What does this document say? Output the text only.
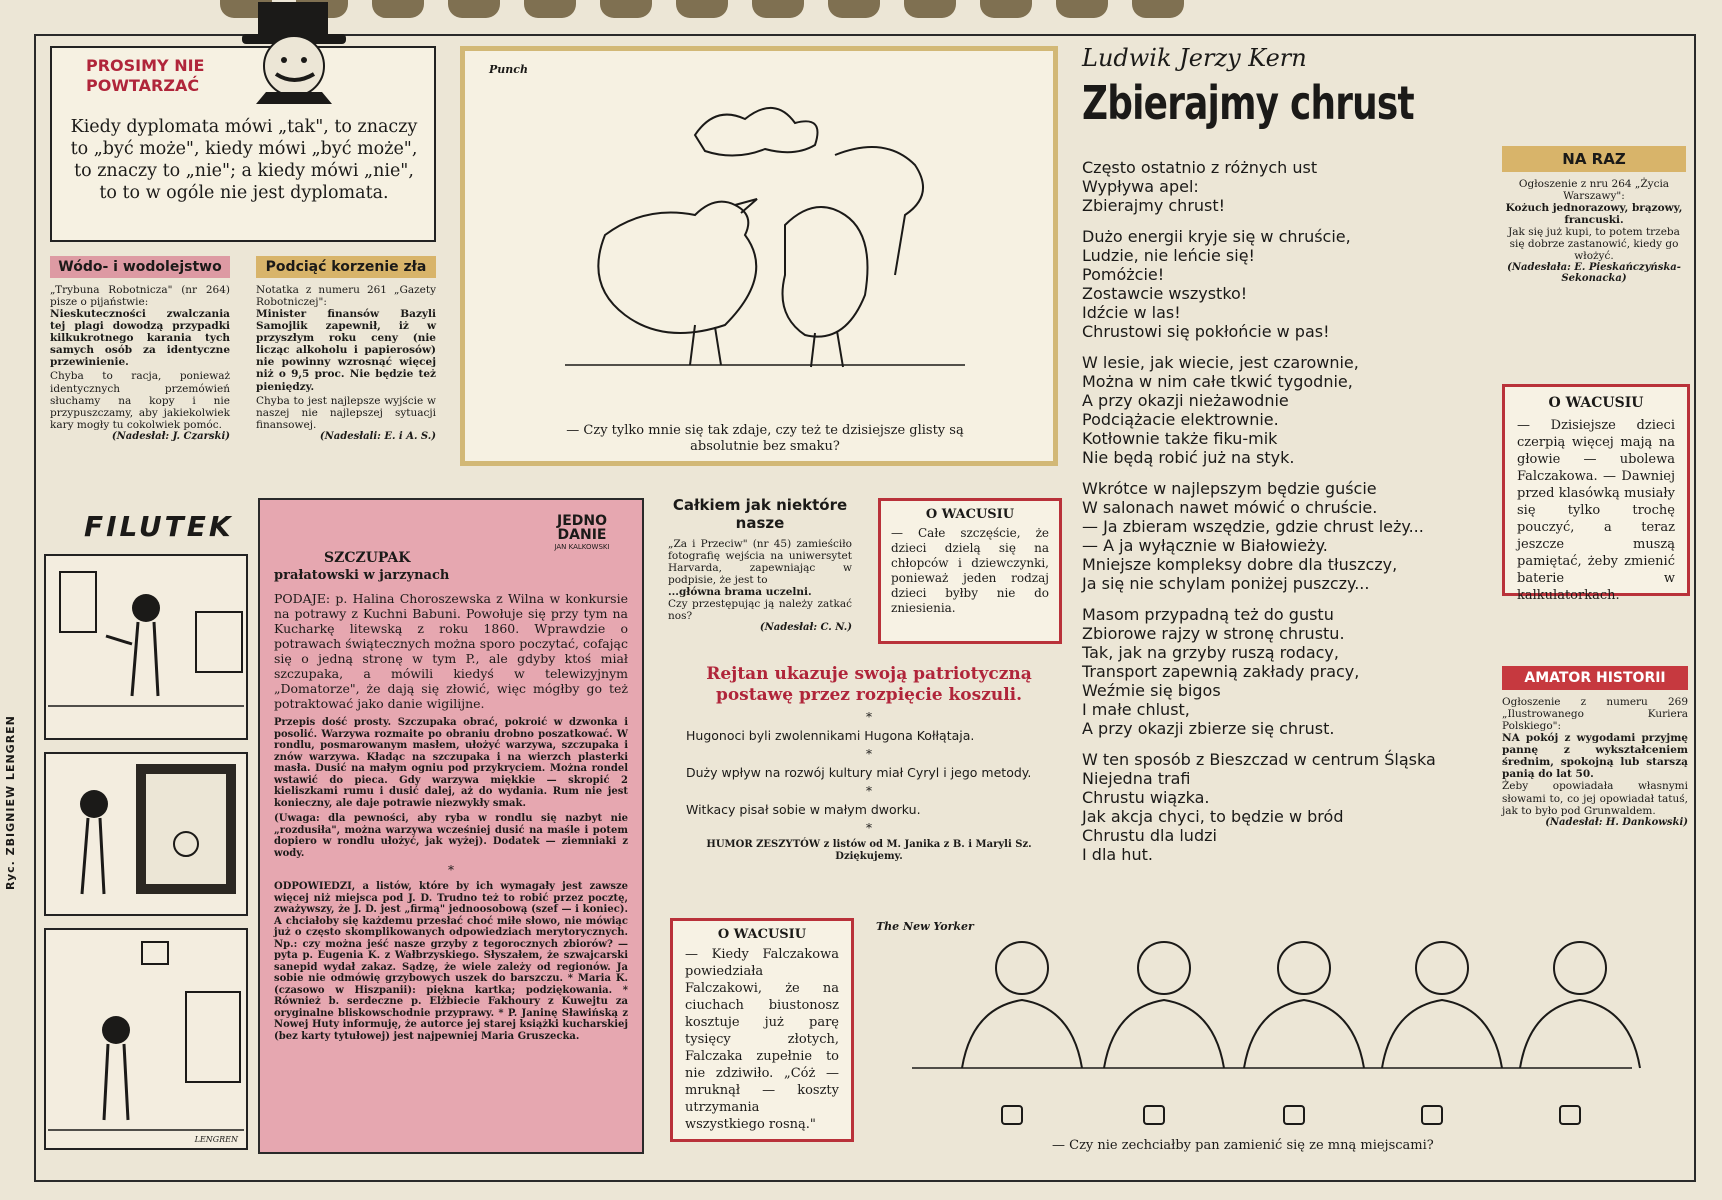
Ryс. ZBIGNIEW LENGREN
PROSIMY NIE
POWTARZAĆ
Kiedy dyplomata mówi „tak", to znaczy to „być może", kiedy mówi „być może", to znaczy to „nie"; a kiedy mówi „nie", to to w ogóle nie jest dyplomata.
Wódo- i wodolejstwo
„Trybuna Robotnicza" (nr 264) pisze o pijaństwie:
Nieskuteczności zwalczania tej plagi dowodzą przypadki kilkukrotnego karania tych samych osób za identyczne przewinienie.
Chyba to racja, ponieważ identycznych przemówień słuchamy na kopy i nie przypuszczamy, aby jakiekolwiek kary mogły tu cokolwiek pomóc.
(Nadesłał: J. Czarski)
Podciąć korzenie zła
Notatka z numeru 261 „Gazety Robotniczej":
Minister finansów Bazyli Samojlik zapewnił, iż w przyszłym roku ceny (nie licząc alkoholu i papierosów) nie powinny wzrosnąć więcej niż o 9,5 proc. Nie będzie też pieniędzy.
Chyba to jest najlepsze wyjście w naszej nie najlepszej sytuacji finansowej.
(Nadesłali: E. i A. S.)
Punch
— Czy tylko mnie się tak zdaje, czy też te dzisiejsze glisty są absolutnie bez smaku?
Ludwik Jerzy Kern
Zbierajmy chrust

Często ostatnio z różnych ust
Wypływa apel:
Zbierajmy chrust!

Dużo energii kryje się w chruście,
Ludzie, nie leńcie się!
Pomóżcie!
Zostawcie wszystko!
Idźcie w las!
Chrustowi się pokłońcie w pas!

W lesie, jak wiecie, jest czarownie,
Można w nim całe tkwić tygodnie,
A przy okazji nieżawodnie
Podciążacie elektrownie.
Kotłownie także fiku-mik
Nie będą robić już na styk.

Wkrótce w najlepszym będzie guście
W salonach nawet mówić o chruście.
— Ja zbieram wszędzie, gdzie chrust leży...
— A ja wyłącznie w Białowieży.
Mniejsze kompleksy dobre dla tłuszczy,
Ja się nie schylam poniżej puszczy...

Masom przypadną też do gustu
Zbiorowe rajzy w stronę chrustu.
Tak, jak na grzyby ruszą rodacy,
Transport zapewnią zakłady pracy,
Weźmie się bigos
I małe chlust,
A przy okazji zbierze się chrust.

W ten sposób z Bieszczad w centrum Śląska
Niejedna trafi
Chrustu wiązka.
Jak akcja chyci, to będzie w bród
Chrustu dla ludzi
I dla hut.

NA RAZ
Ogłoszenie z nru 264 „Życia Warszawy":
Kożuch jednorazowy, brązowy, francuski.
Jak się już kupi, to potem trzeba się dobrze zastanowić, kiedy go włożyć.
(Nadesłała: E. Pieskańczyńska-Sekonacka)
O WACUSIU
— Dzisiejsze dzieci czerpią więcej mają na głowie — ubolewa Falczakowa. — Dawniej przed klasówką musiały się tylko trochę pouczyć, a teraz jeszcze muszą pamiętać, żeby zmienić baterie w kalkulatorkach.
AMATOR HISTORII
Ogłoszenie z numeru 269 „Ilustrowanego Kuriera Polskiego":
NA pokój z wygodami przyjmę pannę z wykształceniem średnim, spokojną lub starszą panią do lat 50.
Żeby opowiadała własnymi słowami to, co jej opowiadał tatuś, jak to było pod Grunwaldem.
(Nadesłał: H. Dankowski)
FILUTEK
LENGREN
JEDNO
DANIE
JAN KALKOWSKI
SZCZUPAK
prałatowski w jarzynach
PODAJE: p. Halina Choroszewska z Wilna w konkursie na potrawy z Kuchni Babuni. Powołuje się przy tym na Kucharkę litewską z roku 1860. Wprawdzie o potrawach świątecznych można sporo poczytać, cofając się o jedną stronę w tym P., ale gdyby ktoś miał szczupaka, a mówili kiedyś w telewizyjnym „Domatorze", że dają się złowić, więc mógłby go też potraktować jako danie wigilijne.
Przepis dość prosty. Szczupaka obrać, pokroić w dzwonka i posolić. Warzywa rozmaite po obraniu drobno poszatkować. W rondlu, posmarowanym masłem, ułożyć warzywa, szczupaka i znów warzywa. Kładąc na szczupaka i na wierzch plasterki masła. Dusić na małym ogniu pod przykryciem. Można rondel wstawić do pieca. Gdy warzywa miękkie — skropić 2 kieliszkami rumu i dusić dalej, aż do wydania. Rum nie jest konieczny, ale daje potrawie niezwykły smak.
(Uwaga: dla pewności, aby ryba w rondlu się nazbyt nie „rozdusiła", można warzywa wcześniej dusić na maśle i potem dopiero w rondlu ułożyć, jak wyżej). Dodatek — ziemniaki z wody.
*
ODPOWIEDZI, a listów, które by ich wymagały jest zawsze więcej niż miejsca pod J. D. Trudno też to robić przez pocztę, zważywszy, że J. D. jest „firmą" jednoosobową (szef — i koniec). A chciałoby się każdemu przesłać choć miłe słowo, nie mówiąc już o często skomplikowanych odpowiedziach merytorycznych. Np.: czy można jeść nasze grzyby z tegorocznych zbiorów? — pyta p. Eugenia K. z Wałbrzyskiego. Słyszałem, że szwajcarski sanepid wydał zakaz. Sądzę, że wiele zależy od regionów. Ja sobie nie odmówię grzybowych uszek do barszczu. * Maria K. (czasowo w Hiszpanii): piękna kartka; podziękowania. * Również b. serdeczne p. Elżbiecie Fakhoury z Kuwejtu za oryginalne bliskowschodnie przyprawy. * P. Janinę Sławińską z Nowej Huty informuję, że autorce jej starej książki kucharskiej (bez karty tytułowej) jest najpewniej Maria Gruszecka.
Całkiem jak niektóre nasze
„Za i Przeciw" (nr 45) zamieściło fotografię wejścia na uniwersytet Harvarda, zapewniając w podpisie, że jest to
...główna brama uczelni.
Czy przestępując ją należy zatkać nos?
(Nadesłał: C. N.)
O WACUSIU
— Całe szczęście, że dzieci dzielą się na chłopców i dziewczynki, ponieważ jeden rodzaj dzieci byłby nie do zniesienia.
Rejtan ukazuje swoją patriotyczną postawę przez rozpięcie koszuli.
*
Hugonoci byli zwolennikami Hugona Kołłątaja.
*
Duży wpływ na rozwój kultury miał Cyryl i jego metody.
*
Witkacy pisał sobie w małym dworku.
*
HUMOR ZESZYTÓW z listów od M. Janika z B. i Maryli Sz. Dziękujemy.
O WACUSIU
— Kiedy Falczakowa powiedziała Falczakowi, że na ciuchach biustonosz kosztuje już parę tysięcy złotych, Falczaka zupełnie to nie zdziwiło. „Cóż — mruknął — koszty utrzymania wszystkiego rosną."
The New Yorker
— Czy nie zechciałby pan zamienić się ze mną miejscami?
